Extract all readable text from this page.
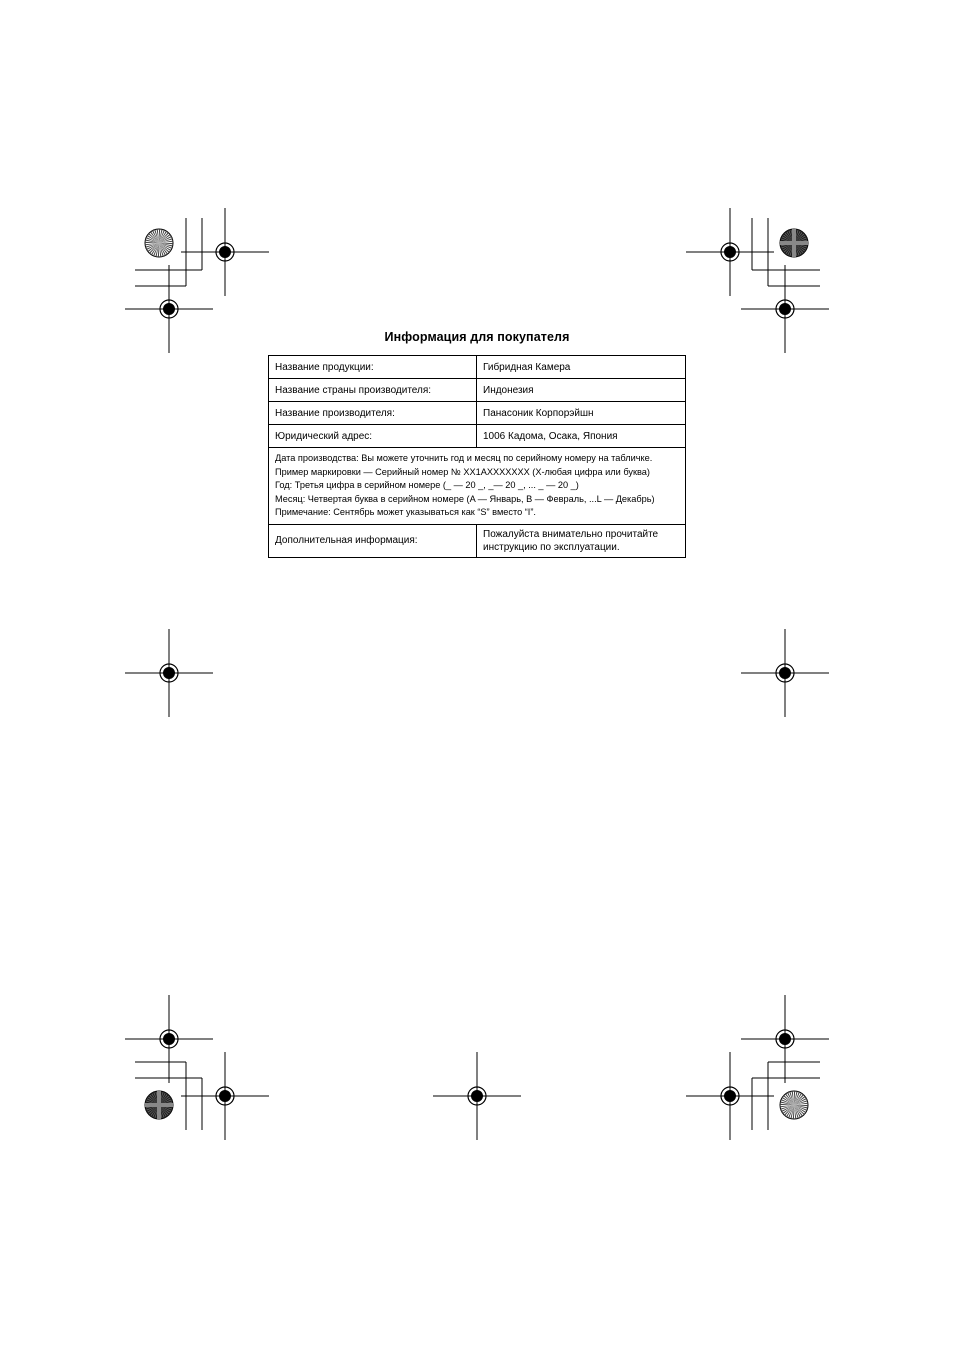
Информация для покупателя
Название продукции:	Гибридная Камера
Название страны производителя:	Индонезия
Название производителя:	Панасоник Корпорэйшн
Юридический адрес:	1006 Кадома, Осака, Япония

Дата производства: Вы можете уточнить год и месяц по серийному номеру на табличке.
Пример маркировки — Серийный номер № XX1AXXXXXXX (X-любая цифра или буква)
Год: Третья цифра в серийном номере (_ — 20 _, _— 20 _, ... _ — 20 _)
Месяц: Четвертая буква в серийном номере (A — Январь, B — Февраль, ...L — Декабрь)
Примечание: Сентябрь может указываться как “S” вместо “I”.	

Дополнительная информация:	Пожалуйста внимательно прочитайте
инструкцию по эксплуатации.
